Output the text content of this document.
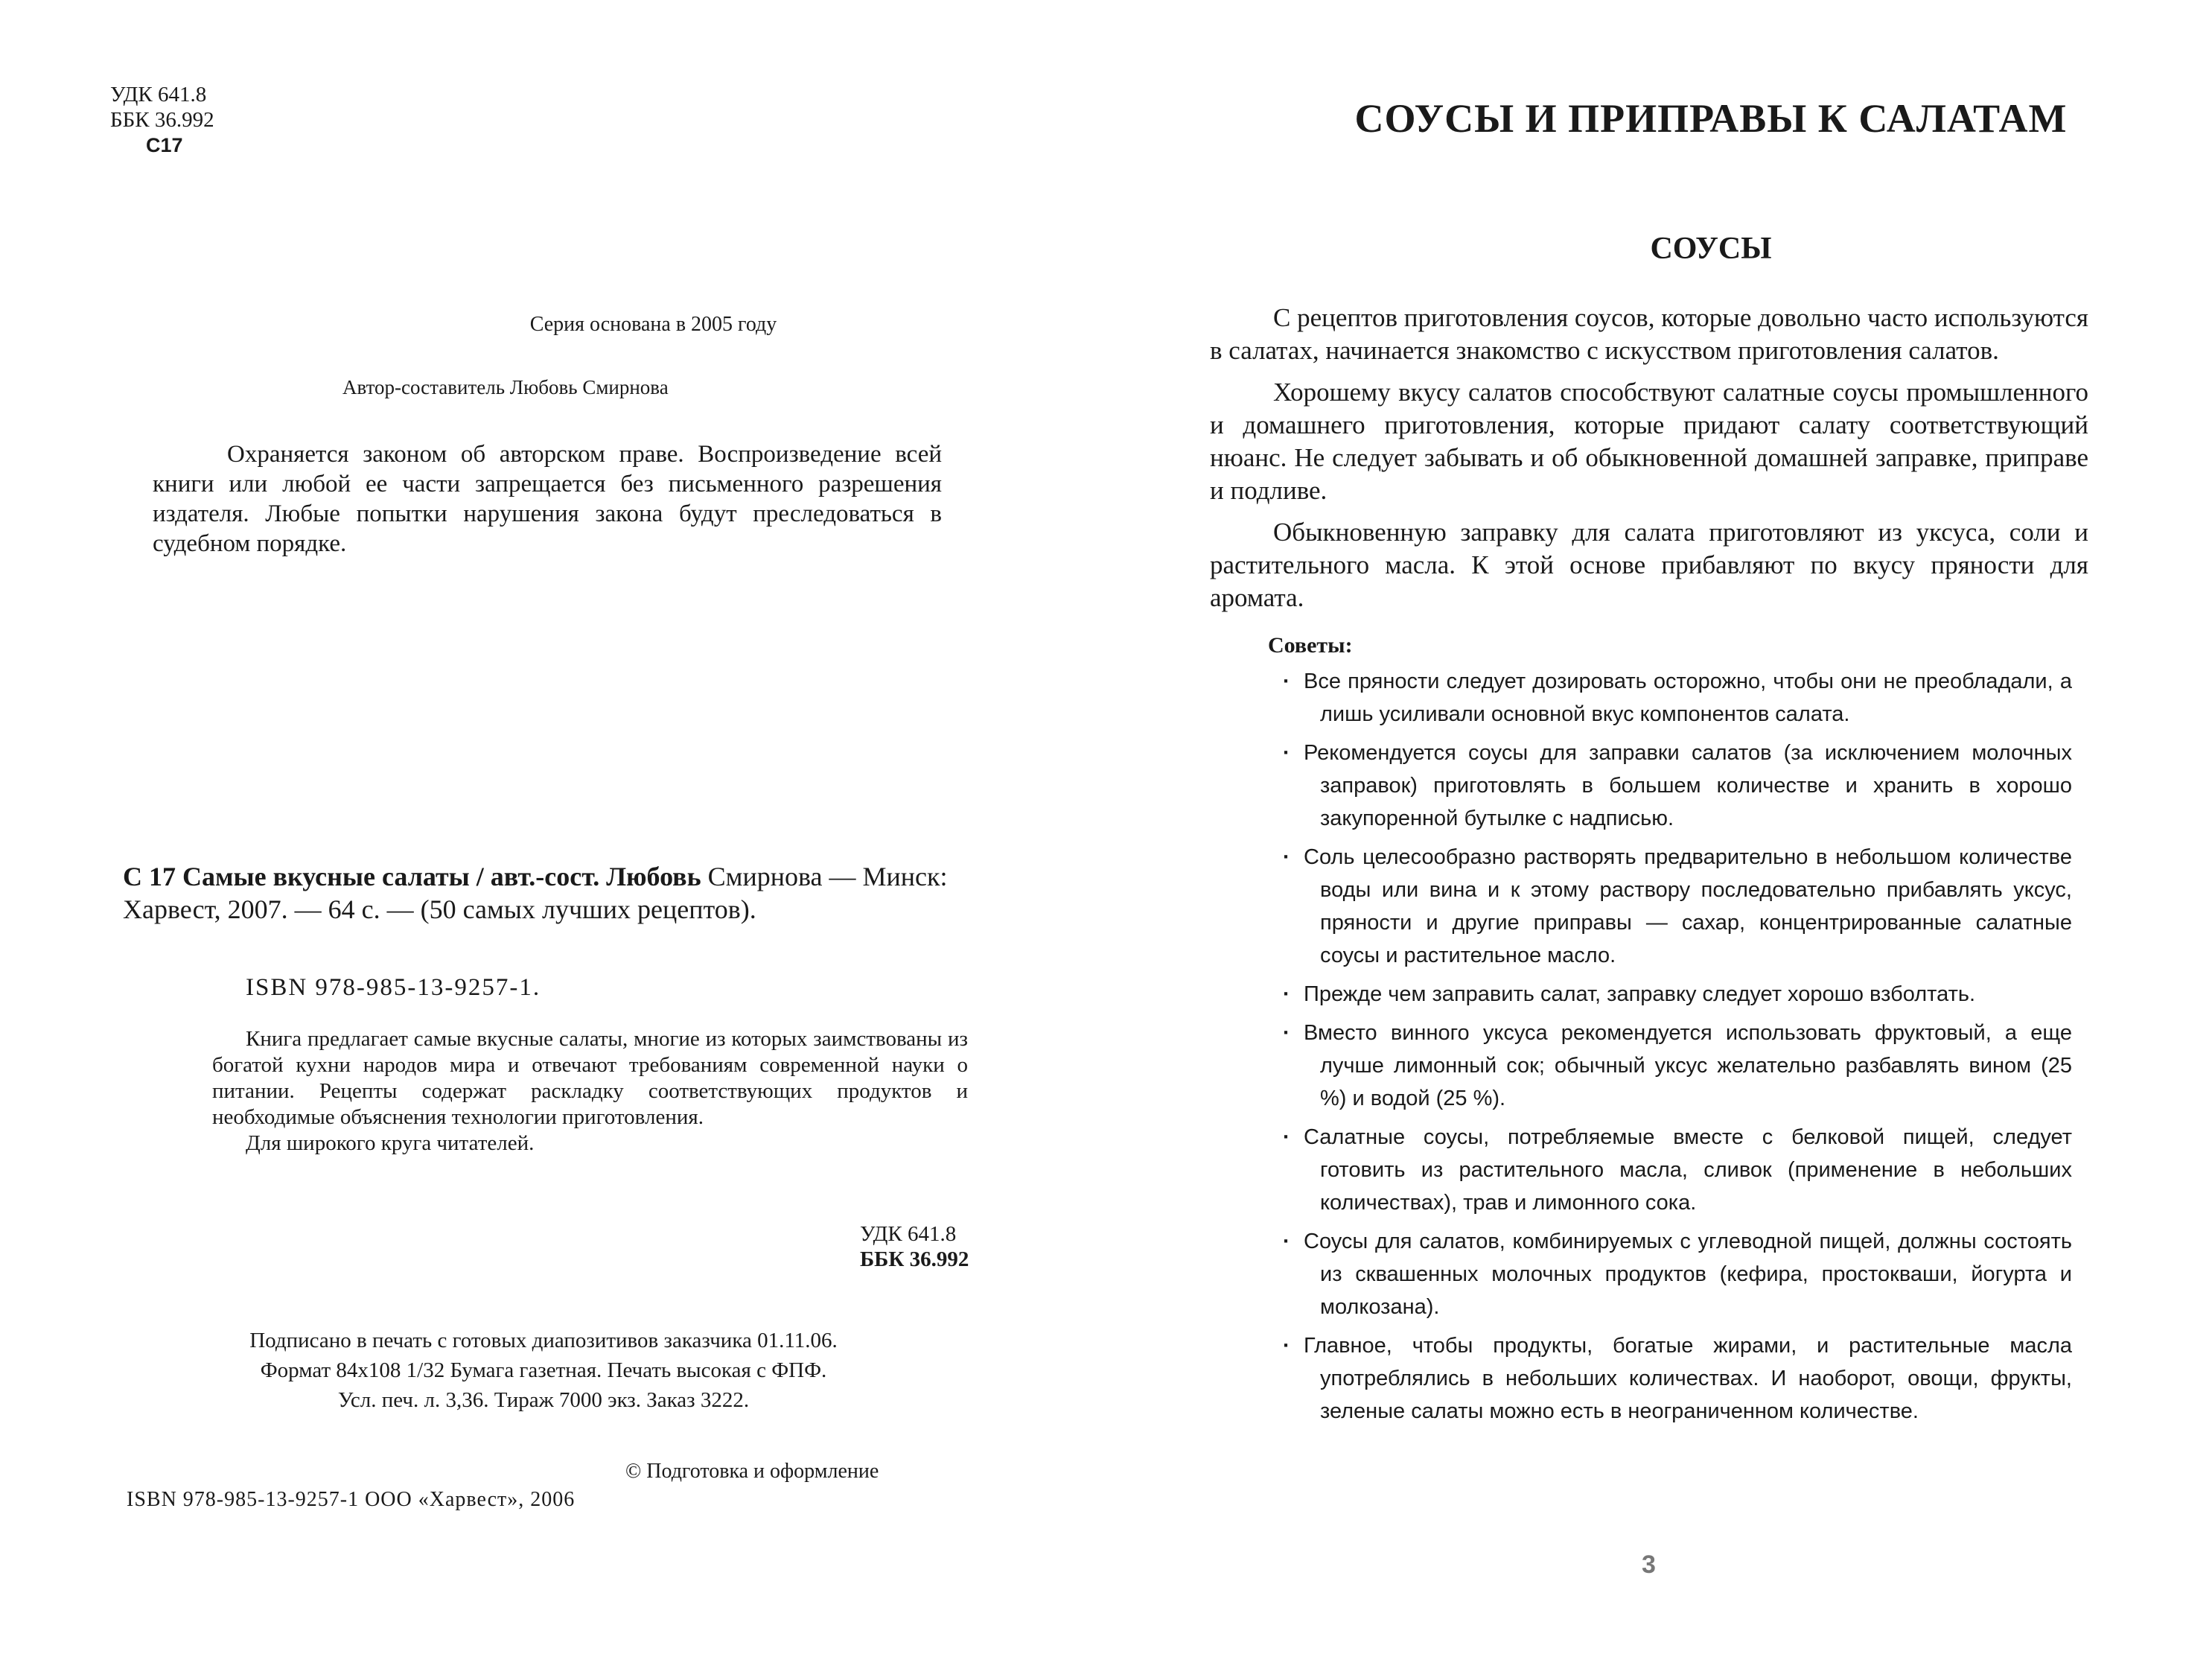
УДК 641.8
ББК 36.992
С17
Серия основана в 2005 году
Автор-составитель Любовь Смирнова

Охраняется законом об авторском праве. Воспроизведение всей книги или любой ее части запрещается без письменного разрешения издателя. Любые попытки нарушения закона будут преследоваться в судебном порядке.

С 17 Самые вкусные салаты / авт.-сост. Любовь Смирнова — Минск: Харвест, 2007. — 64 с. — (50 самых лучших рецептов).
ISBN 978-985-13-9257-1.

Книга предлагает самые вкусные салаты, многие из которых заимствованы из богатой кухни народов мира и отвечают требованиям современной науки о питании. Рецепты содержат раскладку соответствующих продуктов и необходимые объяснения технологии приготовления.

Для широкого круга читателей.

УДК 641.8
ББК 36.992
Подписано в печать с готовых диапозитивов заказчика 01.11.06.
Формат 84x108 1/32 Бумага газетная. Печать высокая с ФПФ.
Усл. печ. л. 3,36. Тираж 7000 экз. Заказ 3222.
© Подготовка и оформление
ISBN 978-985-13-9257-1 ООО «Харвест», 2006
СОУСЫ И ПРИПРАВЫ К САЛАТАМ
СОУСЫ

С рецептов приготовления соусов, которые довольно часто используются в салатах, начинается знакомство с искусством приготовления салатов.

Хорошему вкусу салатов способствуют салатные соусы промышленного и домашнего приготовления, которые придают салату соответствующий нюанс. Не следует забывать и об обыкновенной домашней заправке, приправе и подливе.

Обыкновенную заправку для салата приготовляют из уксуса, соли и растительного масла. К этой основе прибавляют по вкусу пряности для аромата.

Советы:
· Все пряности следует дозировать осторожно, чтобы они не преобладали, а лишь усиливали основной вкус компонентов салата.
· Рекомендуется соусы для заправки салатов (за исключением молочных заправок) приготовлять в большем количестве и хранить в хорошо закупоренной бутылке с надписью.
· Соль целесообразно растворять предварительно в небольшом количестве воды или вина и к этому раствору последовательно прибавлять уксус, пряности и другие приправы — сахар, концентрированные салатные соусы и растительное масло.
· Прежде чем заправить салат, заправку следует хорошо взболтать.
· Вместо винного уксуса рекомендуется использовать фруктовый, а еще лучше лимонный сок; обычный уксус желательно разбавлять вином (25 %) и водой (25 %).
· Салатные соусы, потребляемые вместе с белковой пищей, следует готовить из растительного масла, сливок (применение в небольших количествах), трав и лимонного сока.
· Соусы для салатов, комбинируемых с углеводной пищей, должны состоять из сквашенных молочных продуктов (кефира, простокваши, йогурта и молкозана).
· Главное, чтобы продукты, богатые жирами, и растительные масла употреблялись в небольших количествах. И наоборот, овощи, фрукты, зеленые салаты можно есть в неограниченном количестве.
3
